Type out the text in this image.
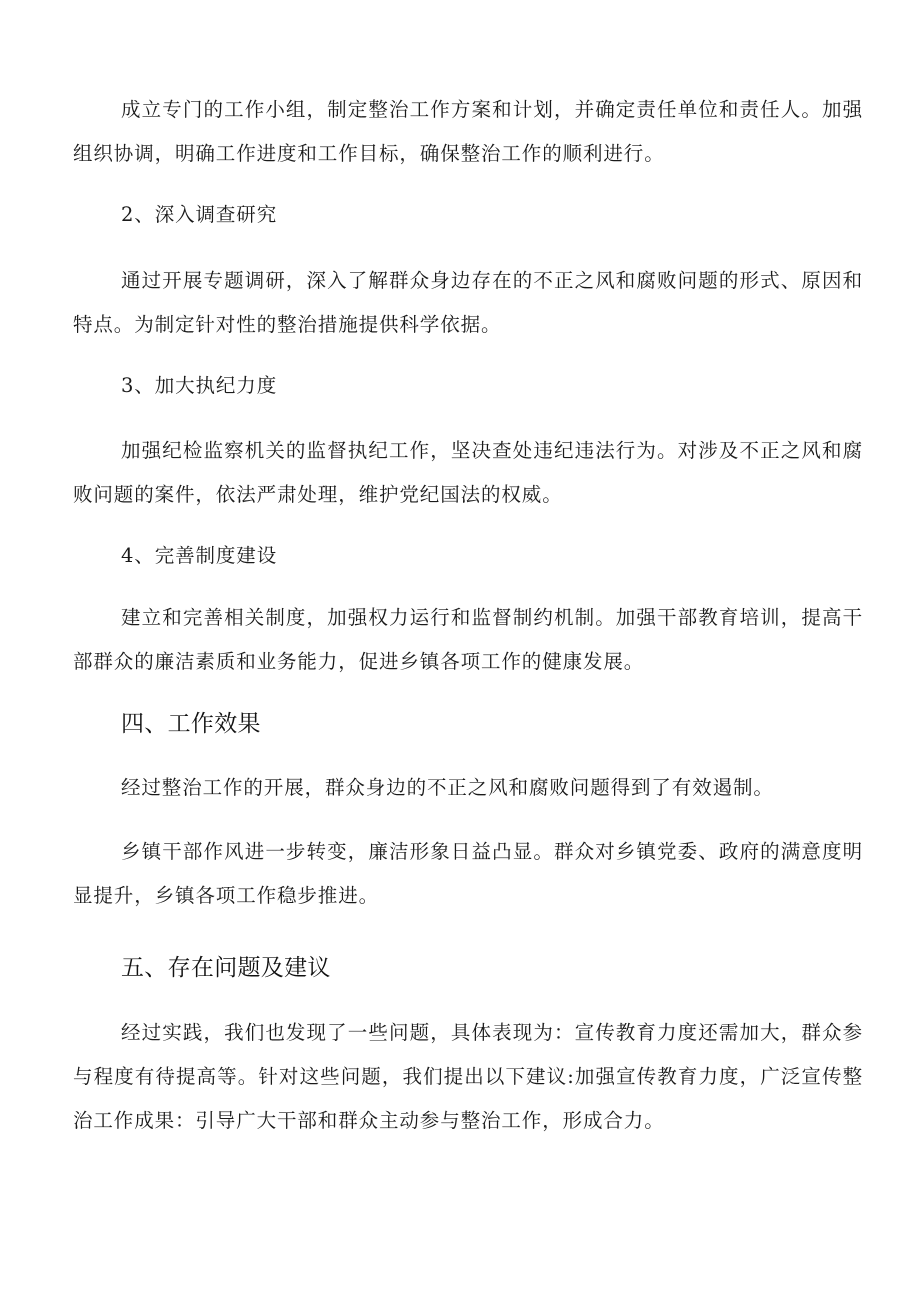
成立专门的工作小组，制定整治工作方案和计划，并确定责任单位和责任人。加强组织协调，明确工作进度和工作目标，确保整治工作的顺利进行。

2、深入调查研究

通过开展专题调研，深入了解群众身边存在的不正之风和腐败问题的形式、原因和特点。为制定针对性的整治措施提供科学依据。

3、加大执纪力度

加强纪检监察机关的监督执纪工作，坚决查处违纪违法行为。对涉及不正之风和腐败问题的案件，依法严肃处理，维护党纪国法的权威。

4、完善制度建设

建立和完善相关制度，加强权力运行和监督制约机制。加强干部教育培训，提高干部群众的廉洁素质和业务能力，促进乡镇各项工作的健康发展。

四、工作效果

经过整治工作的开展，群众身边的不正之风和腐败问题得到了有效遏制。

乡镇干部作风进一步转变，廉洁形象日益凸显。群众对乡镇党委、政府的满意度明显提升，乡镇各项工作稳步推进。

五、存在问题及建议

经过实践，我们也发现了一些问题，具体表现为：宣传教育力度还需加大，群众参与程度有待提高等。针对这些问题，我们提出以下建议:加强宣传教育力度，广泛宣传整治工作成果：引导广大干部和群众主动参与整治工作，形成合力。
